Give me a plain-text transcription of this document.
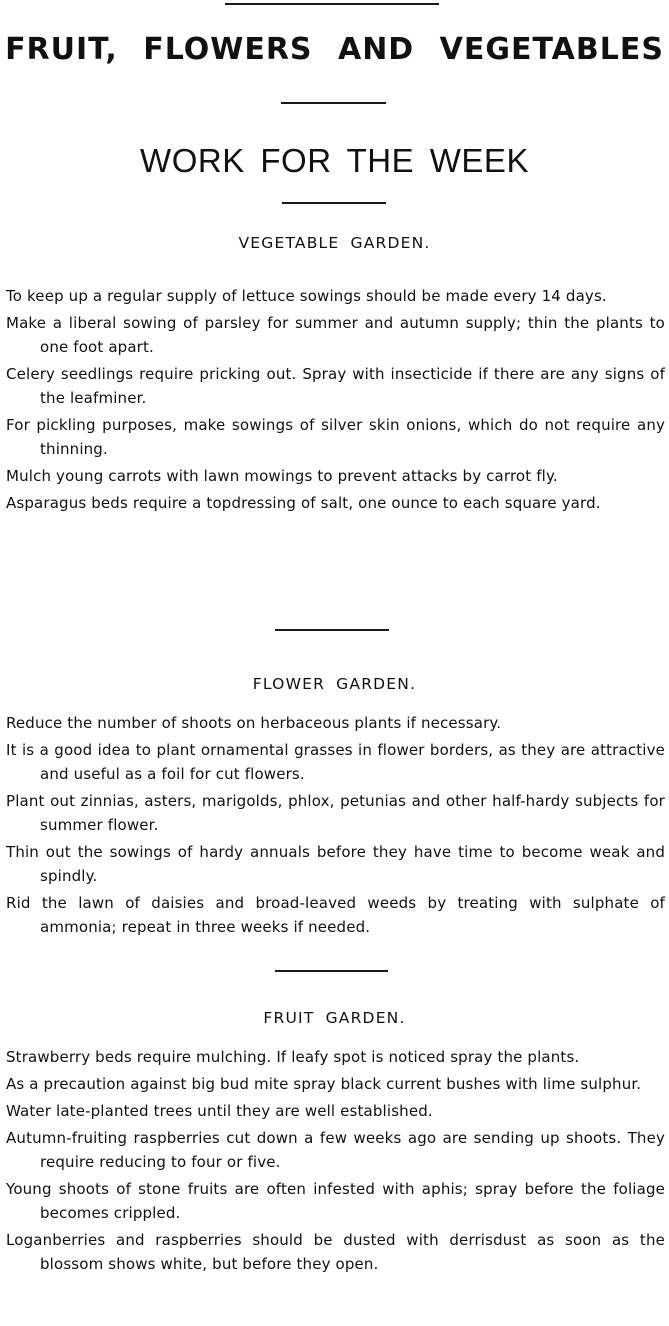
FRUIT, FLOWERS AND VEGETABLES
WORK FOR THE WEEK
VEGETABLE GARDEN.
To keep up a regular supply of lettuce sowings should be made every 14 days.
Make a liberal sowing of parsley for summer and autumn supply; thin the plants to one foot apart.
Celery seedlings require pricking out. Spray with insecticide if there are any signs of the leafminer.
For pickling purposes, make sowings of silver skin onions, which do not require any thinning.
Mulch young carrots with lawn mowings to prevent attacks by carrot fly.
Asparagus beds require a topdressing of salt, one ounce to each square yard.
FLOWER GARDEN.
Reduce the number of shoots on herbaceous plants if necessary.
It is a good idea to plant ornamental grasses in flower borders, as they are attractive and useful as a foil for cut flowers.
Plant out zinnias, asters, marigolds, phlox, petunias and other half-hardy subjects for summer flower.
Thin out the sowings of hardy annuals before they have time to become weak and spindly.
Rid the lawn of daisies and broad-leaved weeds by treating with sulphate of ammonia; repeat in three weeks if needed.
FRUIT GARDEN.
Strawberry beds require mulching. If leafy spot is noticed spray the plants.
As a precaution against big bud mite spray black current bushes with lime sulphur.
Water late-planted trees until they are well established.
Autumn-fruiting raspberries cut down a few weeks ago are sending up shoots. They require reducing to four or five.
Young shoots of stone fruits are often infested with aphis; spray before the foliage becomes crippled.
Loganberries and raspberries should be dusted with derrisdust as soon as the blossom shows white, but before they open.
